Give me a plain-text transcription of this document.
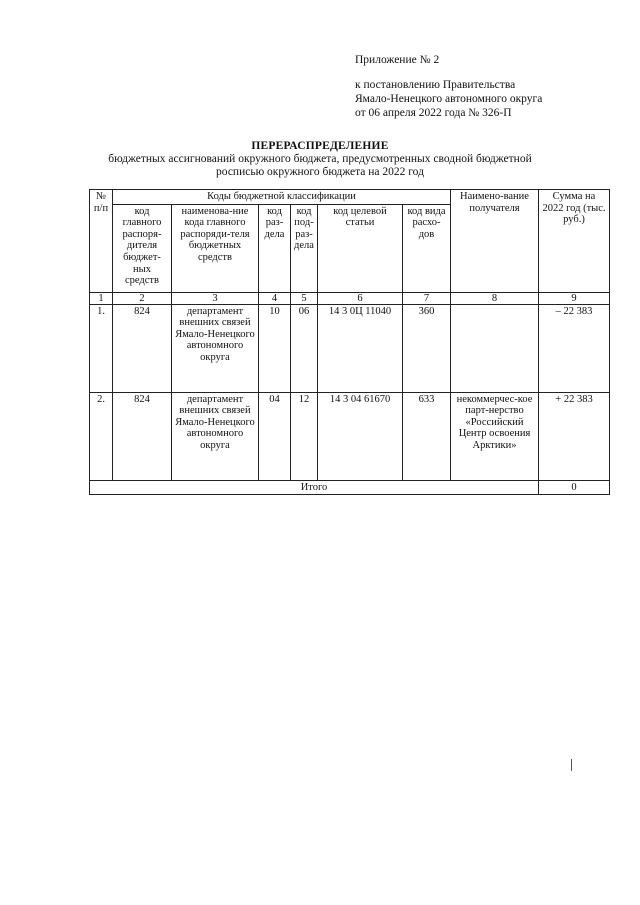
Приложение № 2
к постановлению Правительства
Ямало-Ненецкого автономного округа
от 06 апреля 2022 года № 326-П
ПЕРЕРАСПРЕДЕЛЕНИЕ
бюджетных ассигнований окружного бюджета, предусмотренных сводной бюджетной
росписью окружного бюджета на 2022 год
№ п/п	Коды бюджетной классификации						Наимено-вание получателя	Сумма на 2022 год (тыс. руб.)
	код главного распоря-дителя бюджет-ных средств	наименова-ние кода главного распоряди-теля бюджетных средств	код раз-дела	код под-раз-дела	код целевой статьи	код вида расхо-дов		
1	2	3	4	5	6	7	8	9
1.	824	департамент внешних связей Ямало-Ненецкого автономного округа	10	06	14 3 0Ц 11040	360		– 22 383
2.	824	департамент внешних связей Ямало-Ненецкого автономного округа	04	12	14 3 04 61670	633	некоммерчес-кое парт-нерство «Российский Центр освоения Арктики»	+ 22 383
Итого								0
